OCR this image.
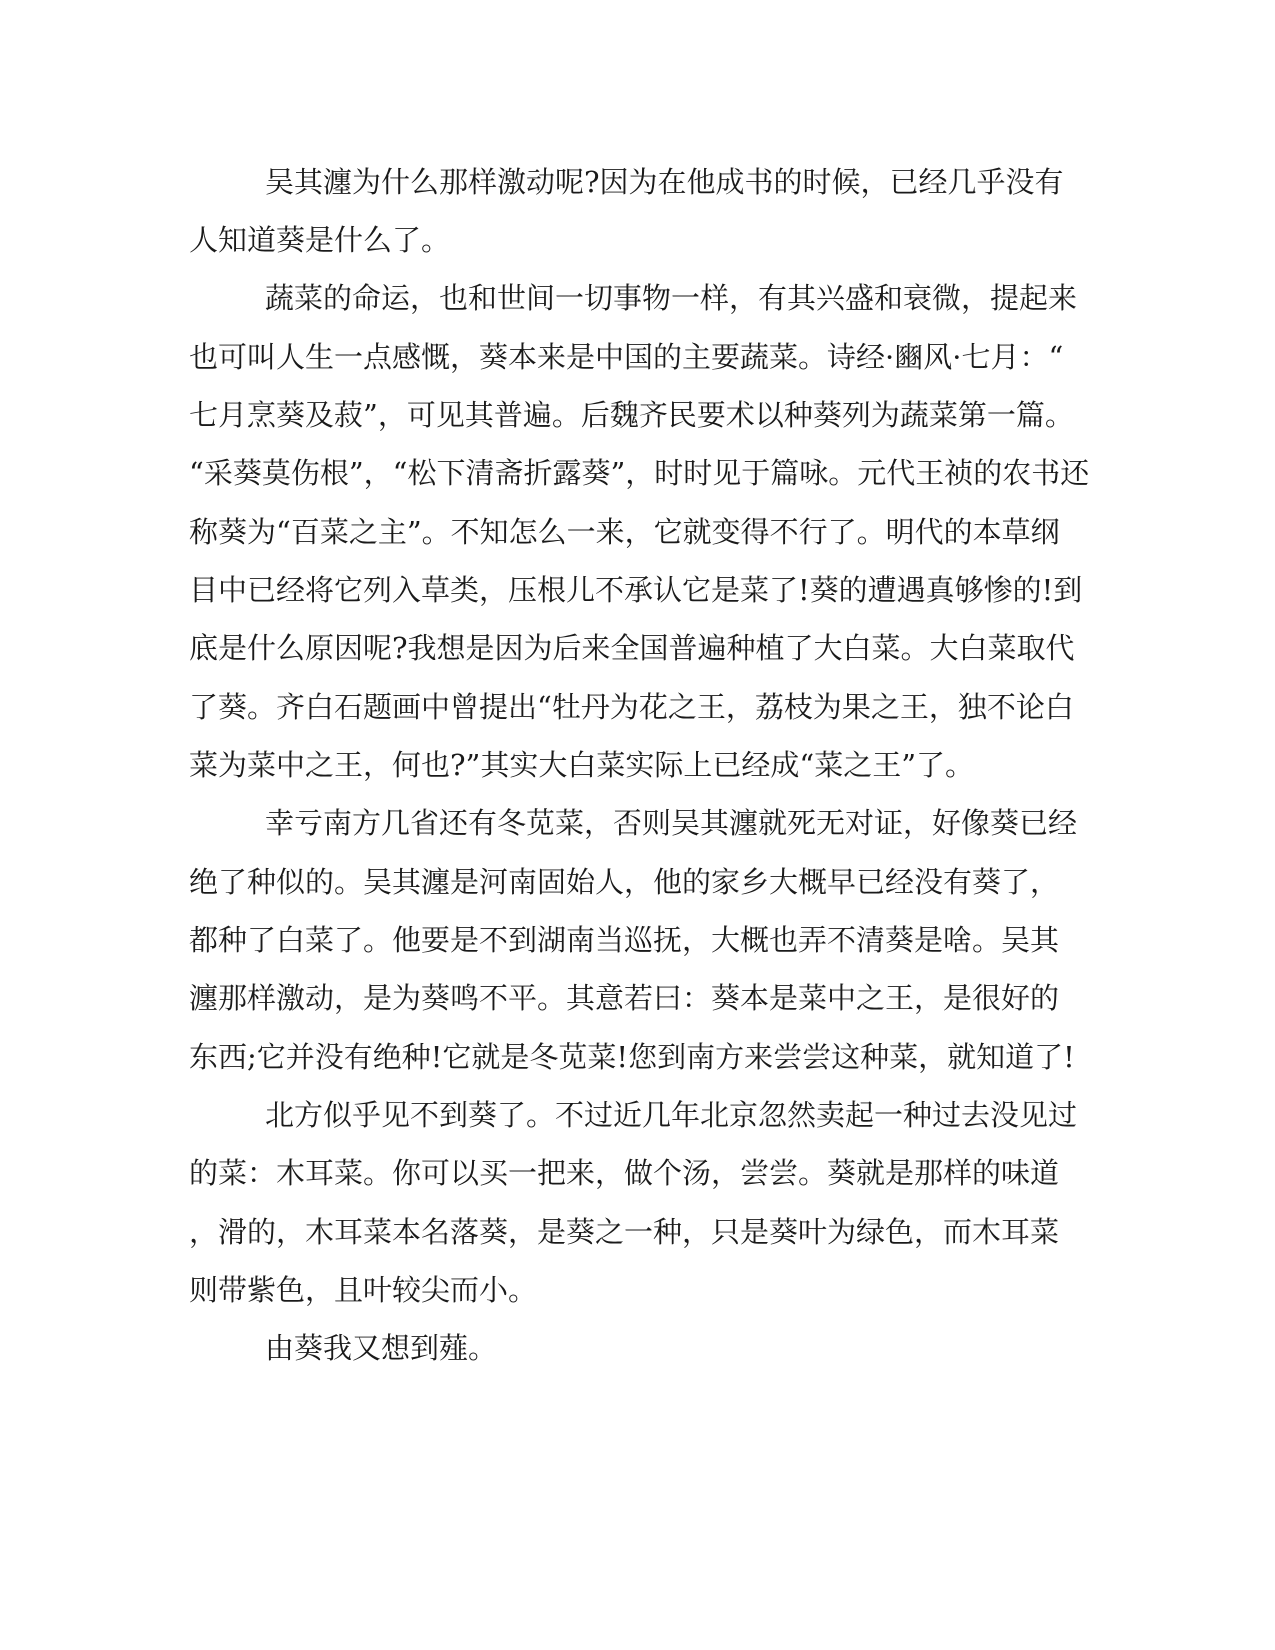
吴其瀍为什么那样激动呢?因为在他成书的时候，已经几乎没有
人知道葵是什么了。
蔬菜的命运，也和世间一切事物一样，有其兴盛和衰微，提起来
也可叫人生一点感慨，葵本来是中国的主要蔬菜。诗经·豳风·七月：“
七月烹葵及菽”，可见其普遍。后魏齐民要术以种葵列为蔬菜第一篇。
“采葵莫伤根”，“松下清斋折露葵”，时时见于篇咏。元代王祯的农书还
称葵为“百菜之主”。不知怎么一来，它就变得不行了。明代的本草纲
目中已经将它列入草类，压根儿不承认它是菜了!葵的遭遇真够惨的!到
底是什么原因呢?我想是因为后来全国普遍种植了大白菜。大白菜取代
了葵。齐白石题画中曾提出“牡丹为花之王，荔枝为果之王，独不论白
菜为菜中之王，何也?”其实大白菜实际上已经成“菜之王”了。
幸亏南方几省还有冬苋菜，否则吴其瀍就死无对证，好像葵已经
绝了种似的。吴其瀍是河南固始人，他的家乡大概早已经没有葵了，
都种了白菜了。他要是不到湖南当巡抚，大概也弄不清葵是啥。吴其
瀍那样激动，是为葵鸣不平。其意若曰：葵本是菜中之王，是很好的
东西;它并没有绝种!它就是冬苋菜!您到南方来尝尝这种菜，就知道了!
北方似乎见不到葵了。不过近几年北京忽然卖起一种过去没见过
的菜：木耳菜。你可以买一把来，做个汤，尝尝。葵就是那样的味道
，滑的，木耳菜本名落葵，是葵之一种，只是葵叶为绿色，而木耳菜
则带紫色，且叶较尖而小。
由葵我又想到薤。
